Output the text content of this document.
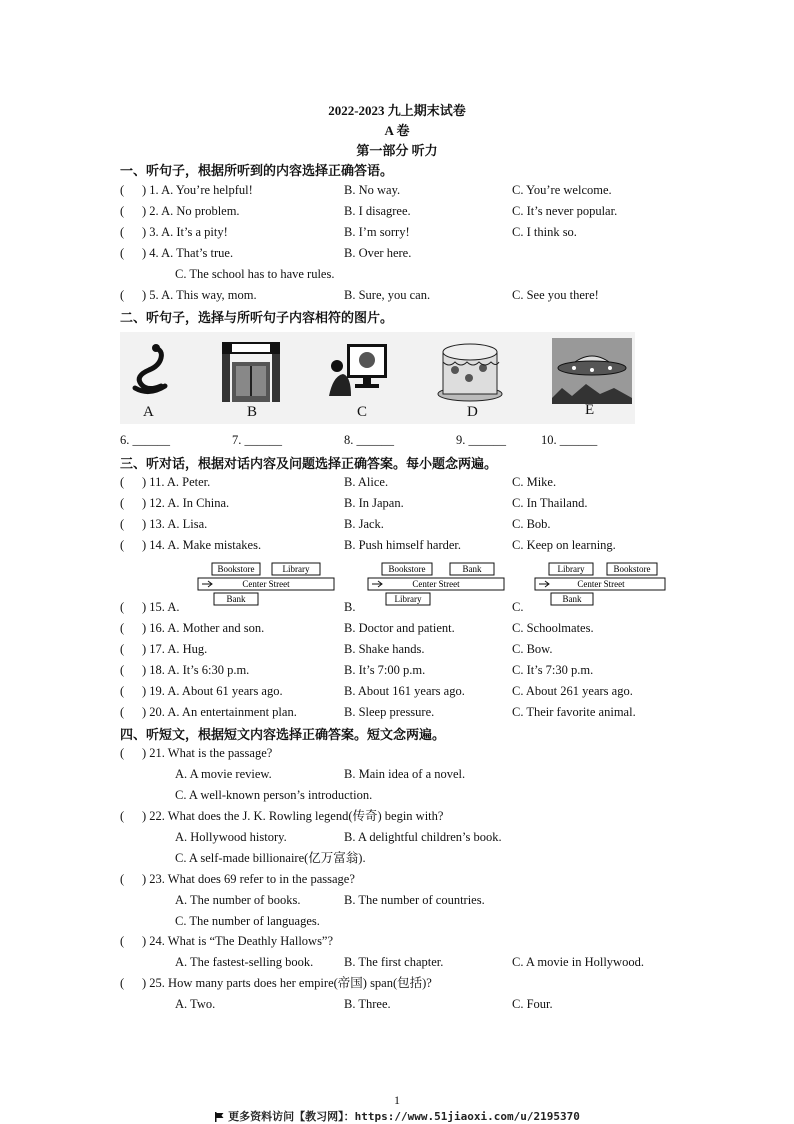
2022-2023 九上期末试卷
A 卷
第一部分 听力
一、听句子，根据所听到的内容选择正确答语。
( ) 1. A. You’re helpful!	B. No way.	C. You’re welcome.
( ) 2. A. No problem.	B. I disagree.	C. It’s never popular.
( ) 3. A. It’s a pity!	B. I’m sorry!	C. I think so.
( ) 4. A. That’s true.	B. Over here.
C. The school has to have rules.
( ) 5. A. This way, mom.	B. Sure, you can.	C. See you there!
二、听句子，选择与所听句子内容相符的图片。
A	B	C	D	E
6. ______	7. ______	8. ______	9. ______	10. ______
三、听对话，根据对话内容及问题选择正确答案。每小题念两遍。
( ) 11. A. Peter.	B. Alice.	C. Mike.
( ) 12. A. In China.	B. In Japan.	C. In Thailand.
( ) 13. A. Lisa.	B. Jack.	C. Bob.
( ) 14. A. Make mistakes.	B. Push himself harder.	C. Keep on learning.
Bookstore	Library
Center Street
Bank
Bookstore	Bank
Center Street
Library
Library	Bookstore
Center Street
Bank
( ) 15. A.	B.	C.
( ) 16. A. Mother and son.	B. Doctor and patient.	C. Schoolmates.
( ) 17. A. Hug.	B. Shake hands.	C. Bow.
( ) 18. A. It’s 6:30 p.m.	B. It’s 7:00 p.m.	C. It’s 7:30 p.m.
( ) 19. A. About 61 years ago.	B. About 161 years ago.	C. About 261 years ago.
( ) 20. A. An entertainment plan.	B. Sleep pressure.	C. Their favorite animal.
四、听短文，根据短文内容选择正确答案。短文念两遍。
( ) 21. What is the passage?
A. A movie review.	B. Main idea of a novel.
C. A well-known person’s introduction.
( ) 22. What does the J. K. Rowling legend(传奇) begin with?
A. Hollywood history.	B. A delightful children’s book.
C. A self-made billionaire(亿万富翁).
( ) 23. What does 69 refer to in the passage?
A. The number of books.	B. The number of countries.
C. The number of languages.
( ) 24. What is “The Deathly Hallows”?
A. The fastest-selling book. B. The first chapter.	C. A movie in Hollywood.
( ) 25. How many parts does her empire(帝国) span(包括)?
A. Two.	B. Three.	C. Four.
1
更多资料访问【教习网】：https://www.51jiaoxi.com/u/2195370
